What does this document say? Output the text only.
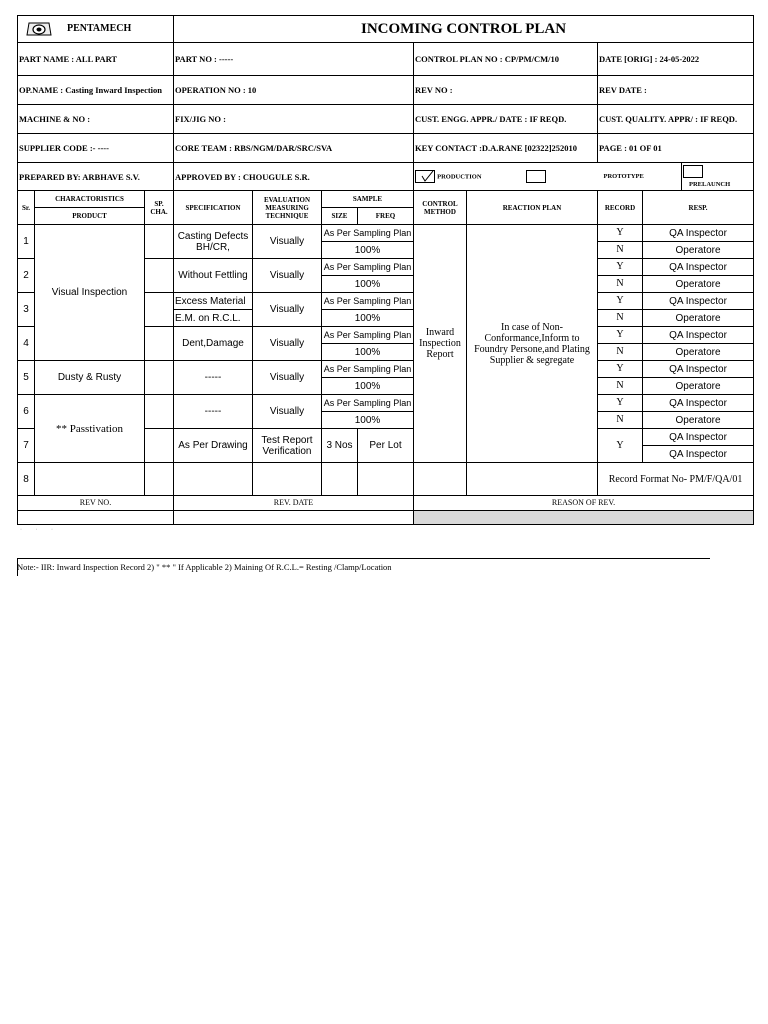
PENTAMECH			INCOMING CONTROL PLAN								
PART NAME : ALL PART			PART NO : -----				CONTROL PLAN NO : CP/PM/CM/10		DATE [ORIG] : 24-05-2022		
OP.NAME : Casting Inward Inspection			OPERATION NO : 10				REV NO :		REV DATE :		
MACHINE & NO :			FIX/JIG NO :				CUST. ENGG. APPR./ DATE : IF REQD.		CUST. QUALITY. APPR/ : IF REQD.		
SUPPLIER CODE :- ----			CORE TEAM : RBS/NGM/DAR/SRC/SVA				KEY CONTACT :D.A.RANE [02322]252010		PAGE : 01 OF 01		
PREPARED BY: ARBHAVE S.V.			APPROVED BY : CHOUGULE S.R.				PRODUCTION		PROTOTYPE		PRELAUNCH
Sr.	CHARACTORISTICS	SP. CHA.	SPECIFICATION	EVALUATION MEASURING TECHNIQUE	SAMPLE		CONTROL METHOD	REACTION PLAN	RECORD	RESP.	
	PRODUCT				SIZE	FREQ					
1	Visual Inspection		Casting Defects BH/CR,	Visually	As Per Sampling Plan		Inward Inspection Report	In case of Non-Conformance,Inform to Foundry Persone,and Plating Supplier & segregate	Y	QA Inspector	
					100%				N	Operatore	
2			Without Fettling	Visually	As Per Sampling Plan				Y	QA Inspector	
					100%				N	Operatore	
3			Excess Material	Visually	As Per Sampling Plan				Y	QA Inspector	
			E.M. on R.C.L.		100%				N	Operatore	
4			Dent,Damage	Visually	As Per Sampling Plan				Y	QA Inspector	
					100%				N	Operatore	
5	Dusty & Rusty		-----	Visually	As Per Sampling Plan				Y	QA Inspector	
					100%				N	Operatore	
6	** Passtivation		-----	Visually	As Per Sampling Plan				Y	QA Inspector	
					100%				N	Operatore	
7			As Per Drawing	Test Report Verification	3 Nos	Per Lot			Y	QA Inspector	
										QA Inspector	
8									Record Format No- PM/F/QA/01		
REV NO.			REV. DATE				REASON OF REV.				

· · ·
Note:- IIR: Inward Inspection Record 2) " ** " If Applicable 2) Maining Of R.C.L.= Resting /Clamp/Location
